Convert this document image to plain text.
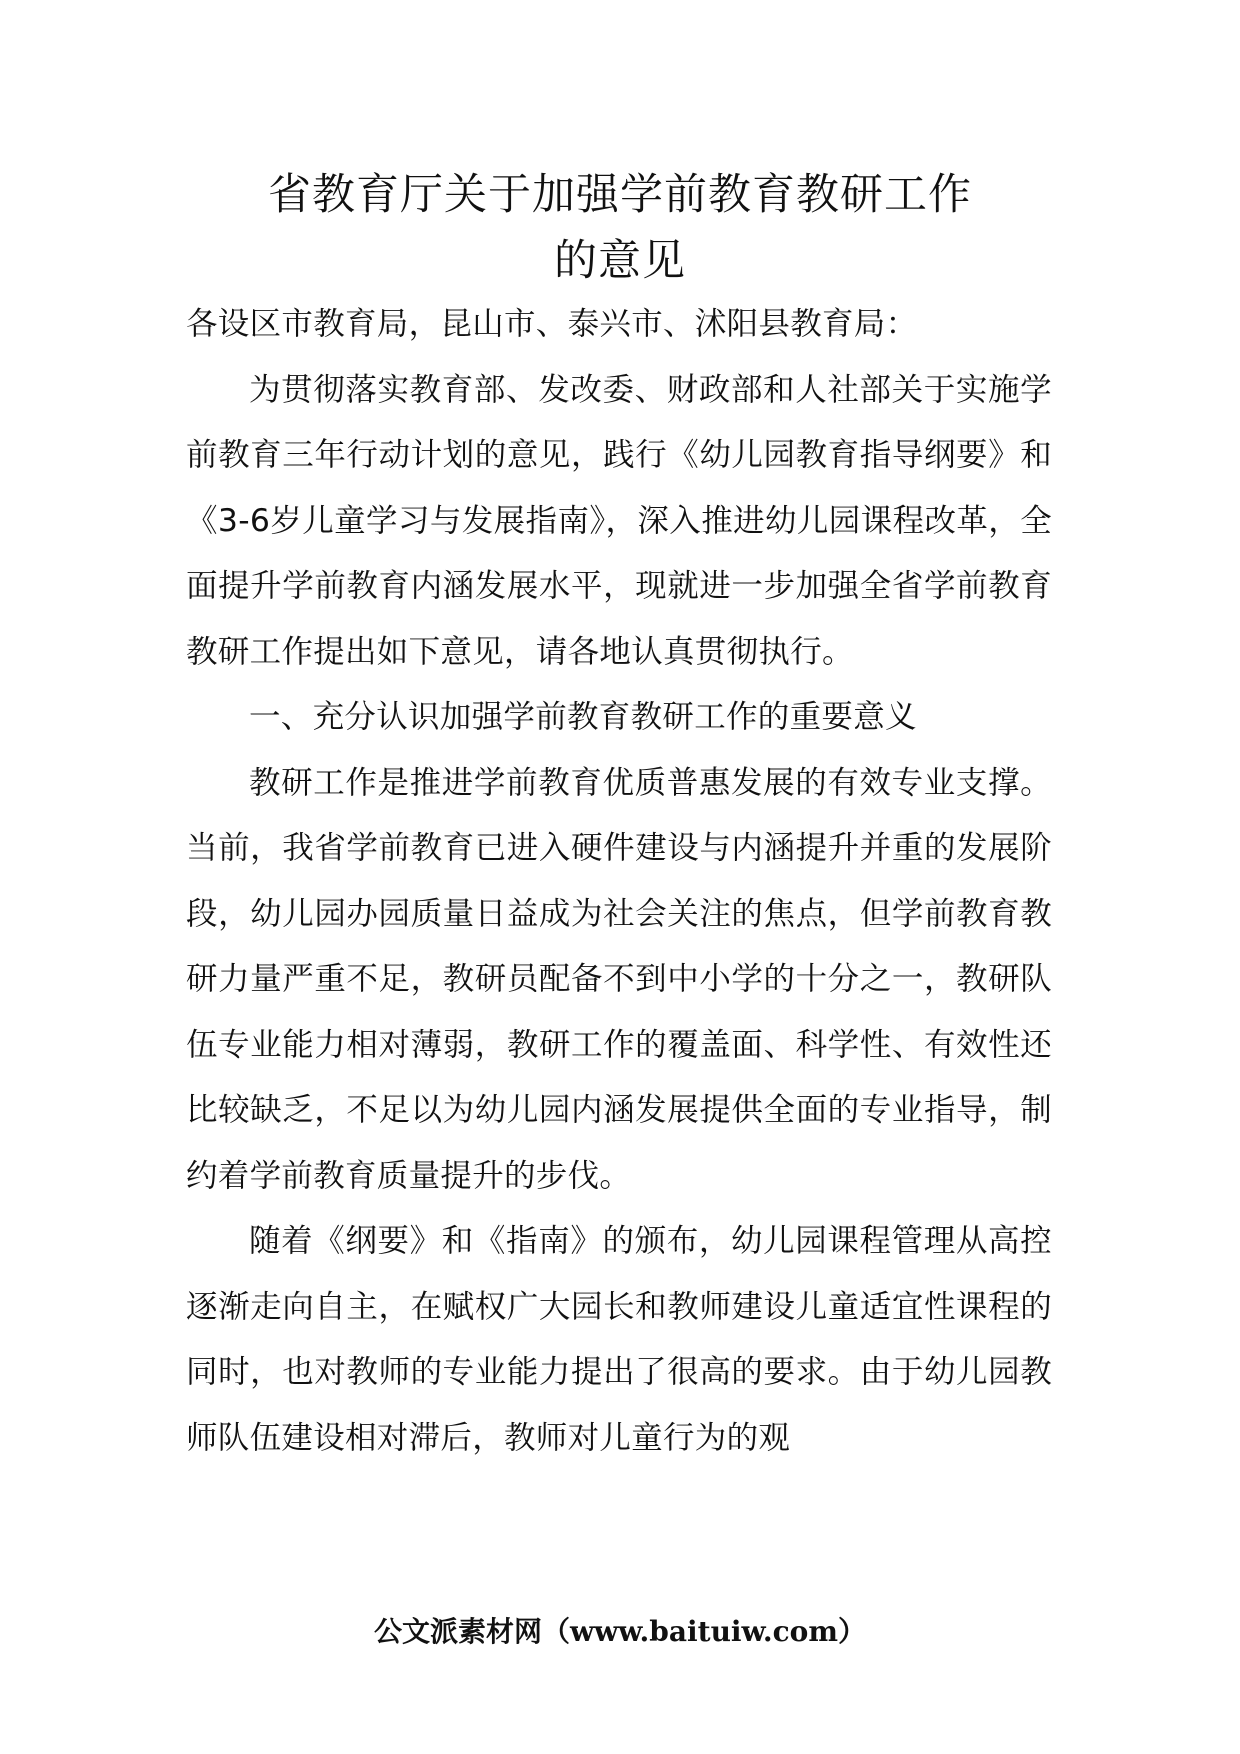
省教育厅关于加强学前教育教研工作
的意见

各设区市教育局，昆山市、泰兴市、沭阳县教育局：

为贯彻落实教育部、发改委、财政部和人社部关于实施学前教育三年行动计划的意见，践行《幼儿园教育指导纲要》和《3-6岁儿童学习与发展指南》，深入推进幼儿园课程改革，全面提升学前教育内涵发展水平，现就进一步加强全省学前教育教研工作提出如下意见，请各地认真贯彻执行。

一、充分认识加强学前教育教研工作的重要意义

教研工作是推进学前教育优质普惠发展的有效专业支撑。当前，我省学前教育已进入硬件建设与内涵提升并重的发展阶段，幼儿园办园质量日益成为社会关注的焦点，但学前教育教研力量严重不足，教研员配备不到中小学的十分之一，教研队伍专业能力相对薄弱，教研工作的覆盖面、科学性、有效性还比较缺乏，不足以为幼儿园内涵发展提供全面的专业指导，制约着学前教育质量提升的步伐。

随着《纲要》和《指南》的颁布，幼儿园课程管理从高控逐渐走向自主，在赋权广大园长和教师建设儿童适宜性课程的同时，也对教师的专业能力提出了很高的要求。由于幼儿园教师队伍建设相对滞后，教师对儿童行为的观

公文派素材网（www.baituiw.com）
